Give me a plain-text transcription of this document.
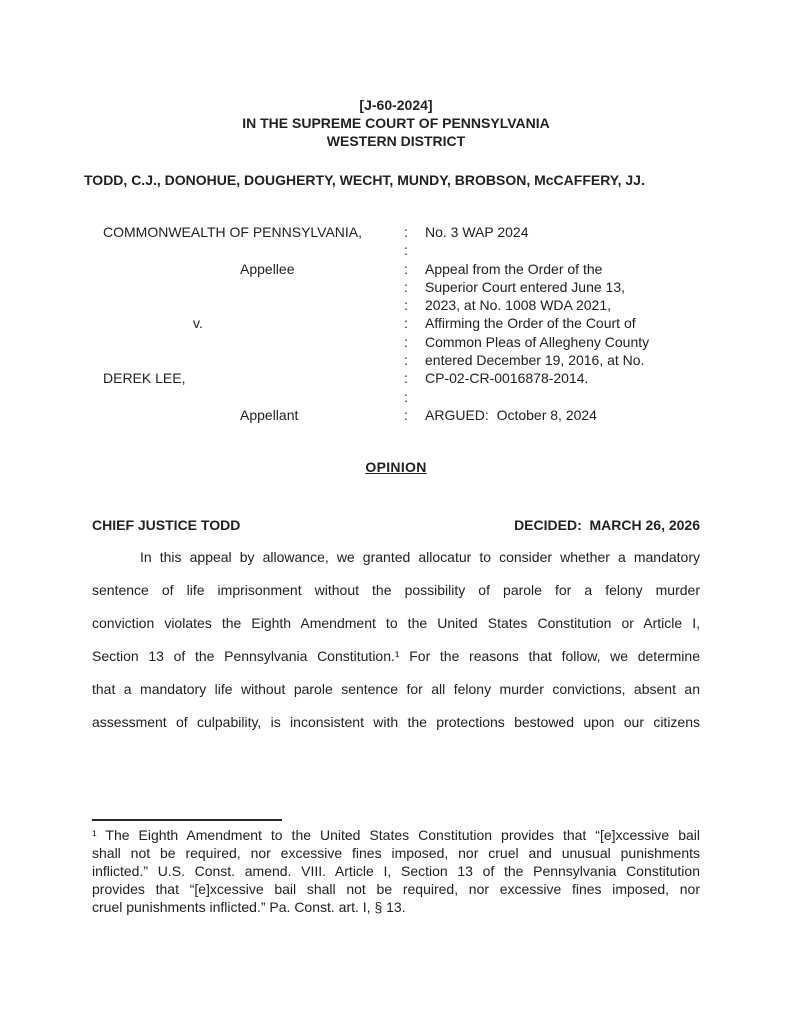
[J-60-2024]
IN THE SUPREME COURT OF PENNSYLVANIA
WESTERN DISTRICT
TODD, C.J., DONOHUE, DOUGHERTY, WECHT, MUNDY, BROBSON, McCAFFERY, JJ.
COMMONWEALTH OF PENNSYLVANIA,	:	No. 3 WAP 2024
:
Appellee	:	Appeal from the Order of the
:	Superior Court entered June 13,
:	2023, at No. 1008 WDA 2021,
v.	:	Affirming the Order of the Court of
:	Common Pleas of Allegheny County
:	entered December 19, 2016, at No.
DEREK LEE,	:	CP-02-CR-0016878-2014.
:
Appellant	:	ARGUED:  October 8, 2024
OPINION
CHIEF JUSTICE TODD	DECIDED:  MARCH 26, 2026
In this appeal by allowance, we granted allocatur to consider whether a mandatory
sentence of life imprisonment without the possibility of parole for a felony murder
conviction violates the Eighth Amendment to the United States Constitution or Article I,
Section 13 of the Pennsylvania Constitution.¹ For the reasons that follow, we determine
that a mandatory life without parole sentence for all felony murder convictions, absent an
assessment of culpability, is inconsistent with the protections bestowed upon our citizens
¹ The Eighth Amendment to the United States Constitution provides that “[e]xcessive bail
shall not be required, nor excessive fines imposed, nor cruel and unusual punishments
inflicted.” U.S. Const. amend. VIII. Article I, Section 13 of the Pennsylvania Constitution
provides that “[e]xcessive bail shall not be required, nor excessive fines imposed, nor
cruel punishments inflicted.” Pa. Const. art. I, § 13.
